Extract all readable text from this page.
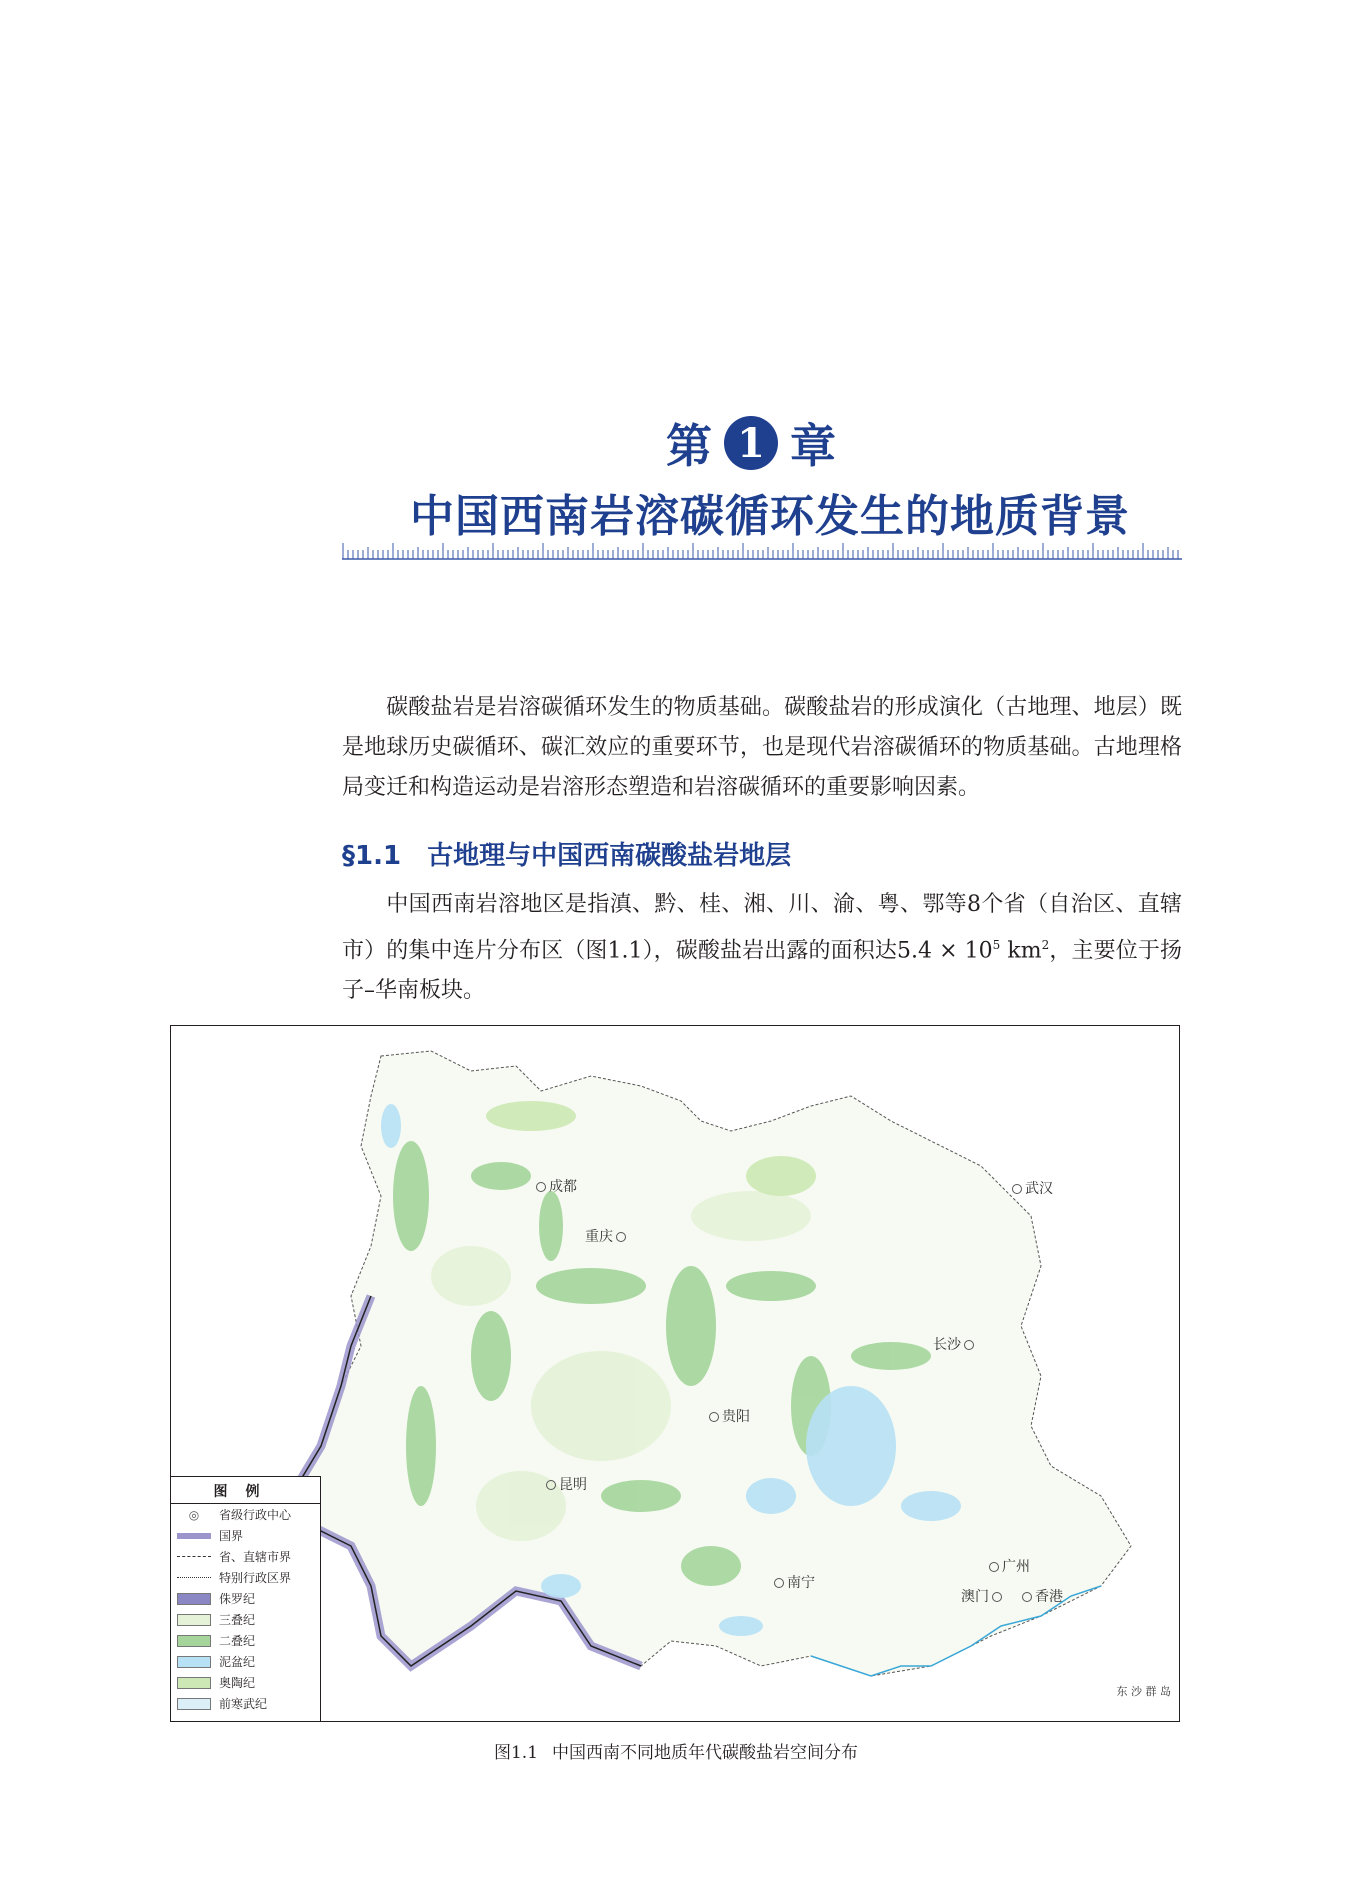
第 1 章
中国西南岩溶碳循环发生的地质背景

碳酸盐岩是岩溶碳循环发生的物质基础。碳酸盐岩的形成演化（古地理、地层）既是地球历史碳循环、碳汇效应的重要环节，也是现代岩溶碳循环的物质基础。古地理格局变迁和构造运动是岩溶形态塑造和岩溶碳循环的重要影响因素。

§1.1 古地理与中国西南碳酸盐岩地层

中国西南岩溶地区是指滇、黔、桂、湘、川、渝、粤、鄂等8个省（自治区、直辖市）的集中连片分布区（图1.1），碳酸盐岩出露的面积达$5.4 \times 10^5$ $km^2$，主要位于扬子–华南板块。

成都
重庆
武汉
长沙
贵阳
昆明
南宁
广州
澳门	香港
东 沙 群 岛
图例
◎	省级行政中心
国界
省、直辖市界
特别行政区界
侏罗纪
三叠纪
二叠纪
泥盆纪
奥陶纪
前寒武纪
图1.1 中国西南不同地质年代碳酸盐岩空间分布
